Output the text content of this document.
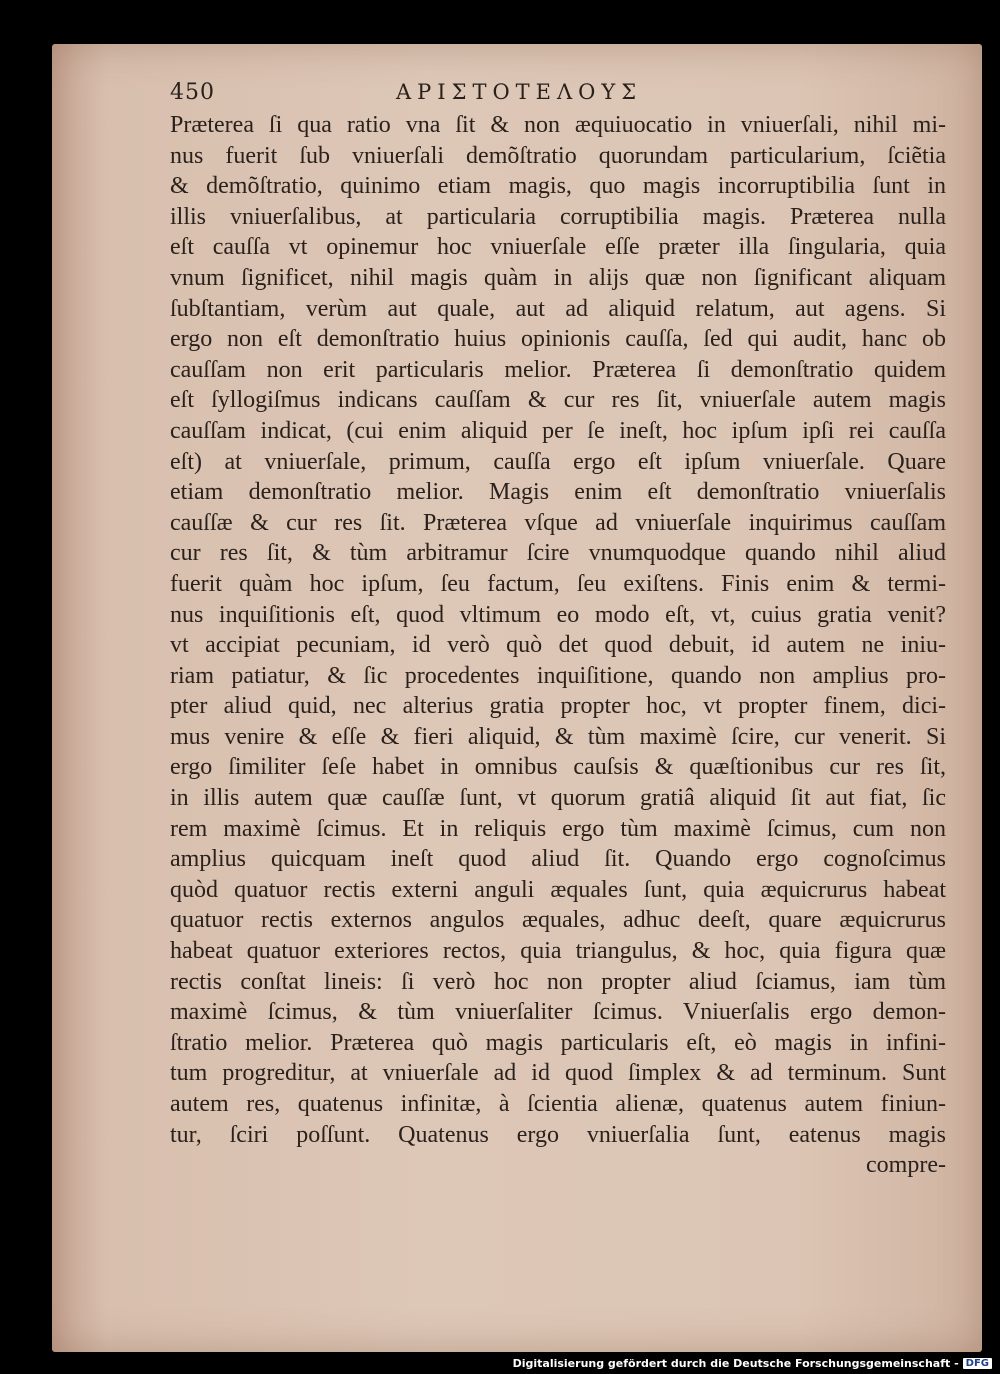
450	ΑΡΙΣΤΟΤΕΛΟΥΣ
Præterea ſi qua ratio vna ſit & non æquiuocatio in vniuerſali, nihil mi-
nus fuerit ſub vniuerſali demõſtratio quorundam particularium, ſciẽtia
& demõſtratio, quinimo etiam magis, quo magis incorruptibilia ſunt in
illis vniuerſalibus, at particularia corruptibilia magis. Præterea nulla
eſt cauſſa vt opinemur hoc vniuerſale eſſe præter illa ſingularia, quia
vnum ſignificet, nihil magis quàm in alijs quæ non ſignificant aliquam
ſubſtantiam, verùm aut quale, aut ad aliquid relatum, aut agens. Si
ergo non eſt demonſtratio huius opinionis cauſſa, ſed qui audit, hanc ob
cauſſam non erit particularis melior. Præterea ſi demonſtratio quidem
eſt ſyllogiſmus indicans cauſſam & cur res ſit, vniuerſale autem magis
cauſſam indicat, (cui enim aliquid per ſe ineſt, hoc ipſum ipſi rei cauſſa
eſt) at vniuerſale, primum, cauſſa ergo eſt ipſum vniuerſale. Quare
etiam demonſtratio melior. Magis enim eſt demonſtratio vniuerſalis
cauſſæ & cur res ſit. Præterea vſque ad vniuerſale inquirimus cauſſam
cur res ſit, & tùm arbitramur ſcire vnumquodque quando nihil aliud
fuerit quàm hoc ipſum, ſeu factum, ſeu exiſtens. Finis enim & termi-
nus inquiſitionis eſt, quod vltimum eo modo eſt, vt, cuius gratia venit?
vt accipiat pecuniam, id verò quò det quod debuit, id autem ne iniu-
riam patiatur, & ſic procedentes inquiſitione, quando non amplius pro-
pter aliud quid, nec alterius gratia propter hoc, vt propter finem, dici-
mus venire & eſſe & fieri aliquid, & tùm maximè ſcire, cur venerit. Si
ergo ſimiliter ſeſe habet in omnibus cauſsis & quæſtionibus cur res ſit,
in illis autem quæ cauſſæ ſunt, vt quorum gratiâ aliquid ſit aut fiat, ſic
rem maximè ſcimus. Et in reliquis ergo tùm maximè ſcimus, cum non
amplius quicquam ineſt quod aliud ſit. Quando ergo cognoſcimus
quòd quatuor rectis externi anguli æquales ſunt, quia æquicrurus habeat
quatuor rectis externos angulos æquales, adhuc deeſt, quare æquicrurus
habeat quatuor exteriores rectos, quia triangulus, & hoc, quia figura quæ
rectis conſtat lineis: ſi verò hoc non propter aliud ſciamus, iam tùm
maximè ſcimus, & tùm vniuerſaliter ſcimus. Vniuerſalis ergo demon-
ſtratio melior. Præterea quò magis particularis eſt, eò magis in infini-
tum progreditur, at vniuerſale ad id quod ſimplex & ad terminum. Sunt
autem res, quatenus infinitæ, à ſcientia alienæ, quatenus autem finiun-
tur, ſciri poſſunt. Quatenus ergo vniuerſalia ſunt, eatenus magis
compre-
Digitalisierung gefördert durch die Deutsche Forschungsgemeinschaft - DFG
